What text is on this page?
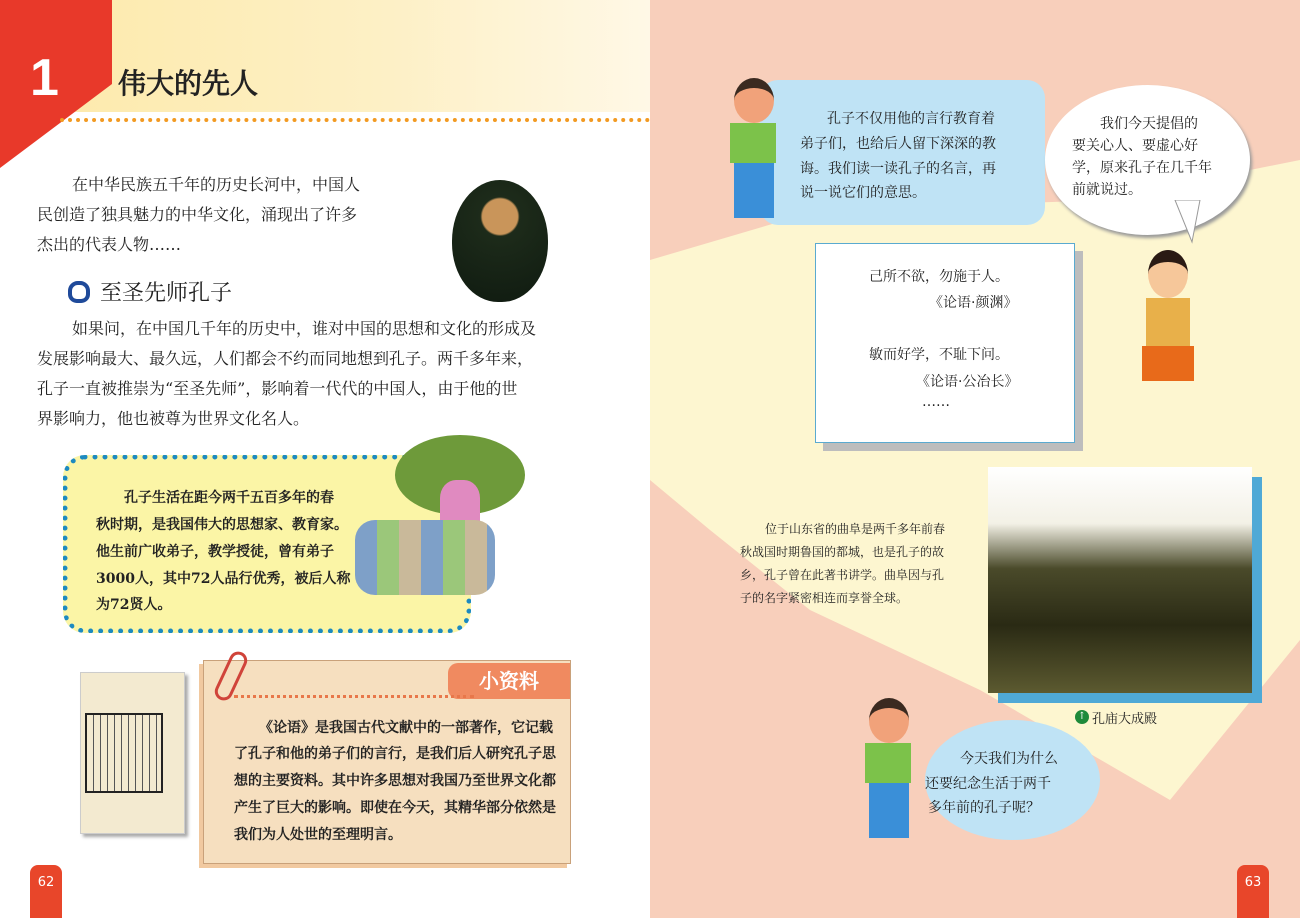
1 伟大的先人
在中华民族五千年的历史长河中，中国人
民创造了独具魅力的中华文化，涌现出了许多
杰出的代表人物……
至圣先师孔子
如果问，在中国几千年的历史中，谁对中国的思想和文化的形成及
发展影响最大、最久远，人们都会不约而同地想到孔子。两千多年来，
孔子一直被推崇为“至圣先师”，影响着一代代的中国人，由于他的世
界影响力，他也被尊为世界文化名人。
孔子生活在距今两千五百多年的春
秋时期，是我国伟大的思想家、教育家。
他生前广收弟子，教学授徒，曾有弟子
3000人，其中72人品行优秀，被后人称
为72贤人。
小资料
《论语》是我国古代文献中的一部著作，它记载
了孔子和他的弟子们的言行，是我们后人研究孔子思
想的主要资料。其中许多思想对我国乃至世界文化都
产生了巨大的影响。即使在今天，其精华部分依然是
我们为人处世的至理明言。
62
孔子不仅用他的言行教育着
弟子们，也给后人留下深深的教
诲。我们读一读孔子的名言，再
说一说它们的意思。
我们今天提倡的
要关心人、要虚心好
学，原来孔子在几千年
前就说过。
己所不欲，勿施于人。
《论语·颜渊》
敏而好学，不耻下问。
《论语·公冶长》
……
位于山东省的曲阜是两千多年前春
秋战国时期鲁国的都城，也是孔子的故
乡，孔子曾在此著书讲学。曲阜因与孔
子的名字紧密相连而享誉全球。
↑ 孔庙大成殿
今天我们为什么
还要纪念生活于两千
多年前的孔子呢？
63
